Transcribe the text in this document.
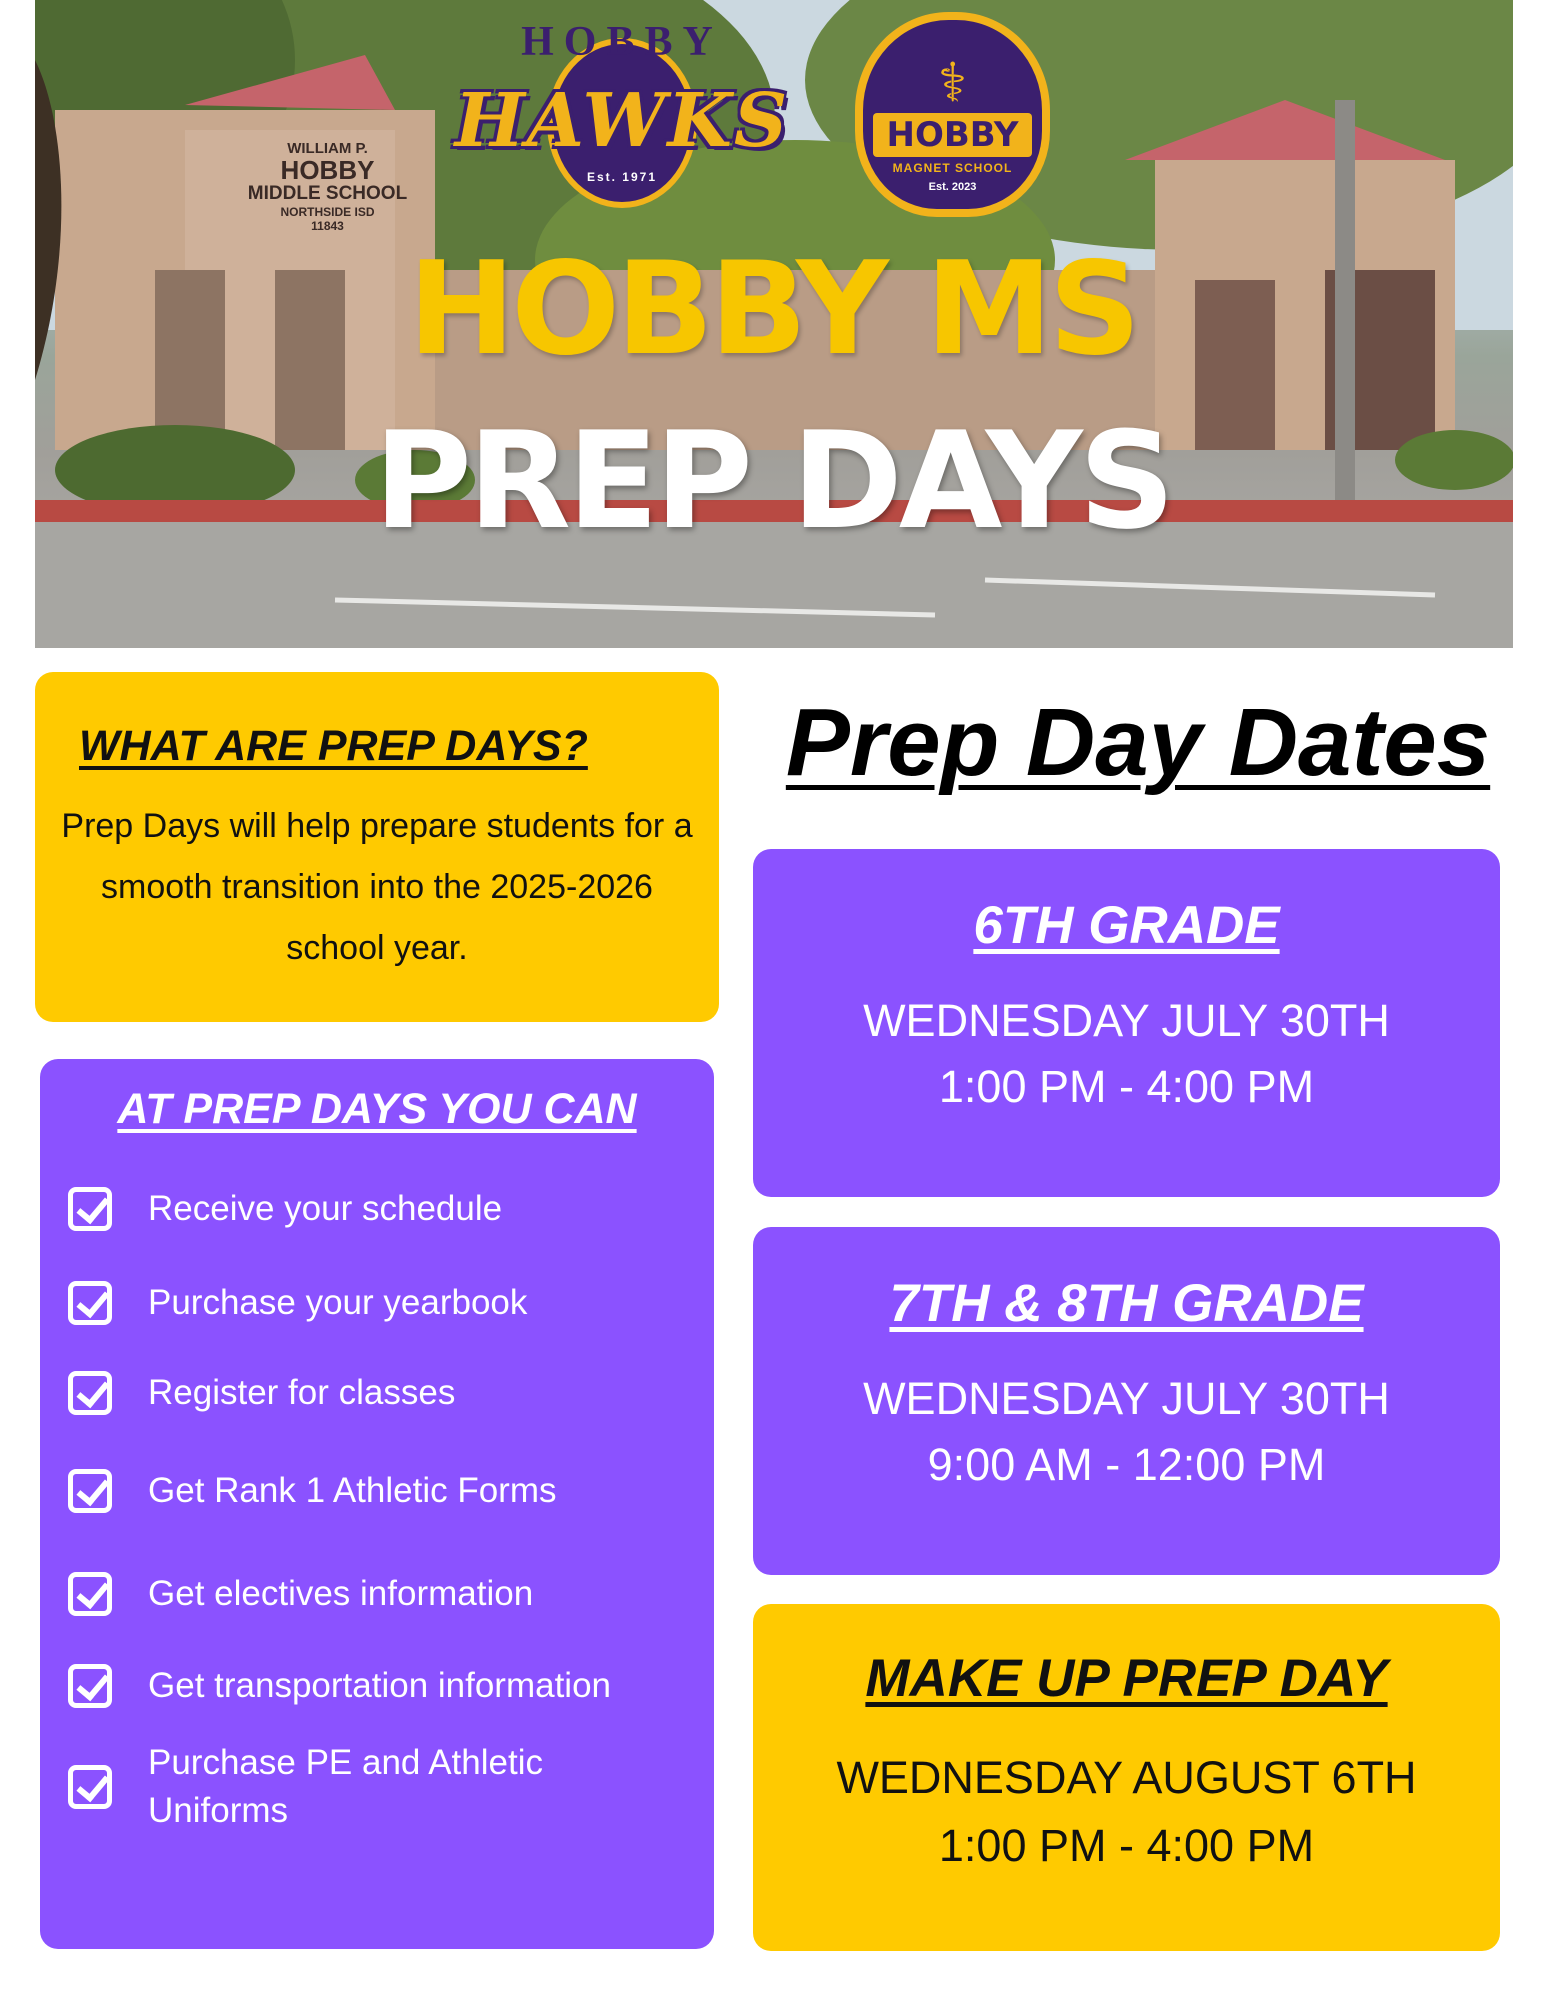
WILLIAM P.
HOBBY
MIDDLE SCHOOL
NORTHSIDE ISD
11843
HOBBY
HAWKS
Est. 1971
⚕
HOBBY
MAGNET SCHOOL
Est. 2023
HOBBY MS
PREP DAYS
WHAT ARE PREP DAYS?

Prep Days will help prepare students for a smooth transition into the 2025-2026 school year.

AT PREP DAYS YOU CAN
Receive your schedule
Purchase your yearbook
Register for classes
Get Rank 1 Athletic Forms
Get electives information
Get transportation information
Purchase PE and Athletic Uniforms
Prep Day Dates
6TH GRADE
WEDNESDAY JULY 30TH
1:00 PM - 4:00 PM
7TH & 8TH GRADE
WEDNESDAY JULY 30TH
9:00 AM - 12:00 PM
MAKE UP PREP DAY
WEDNESDAY AUGUST 6TH
1:00 PM - 4:00 PM
